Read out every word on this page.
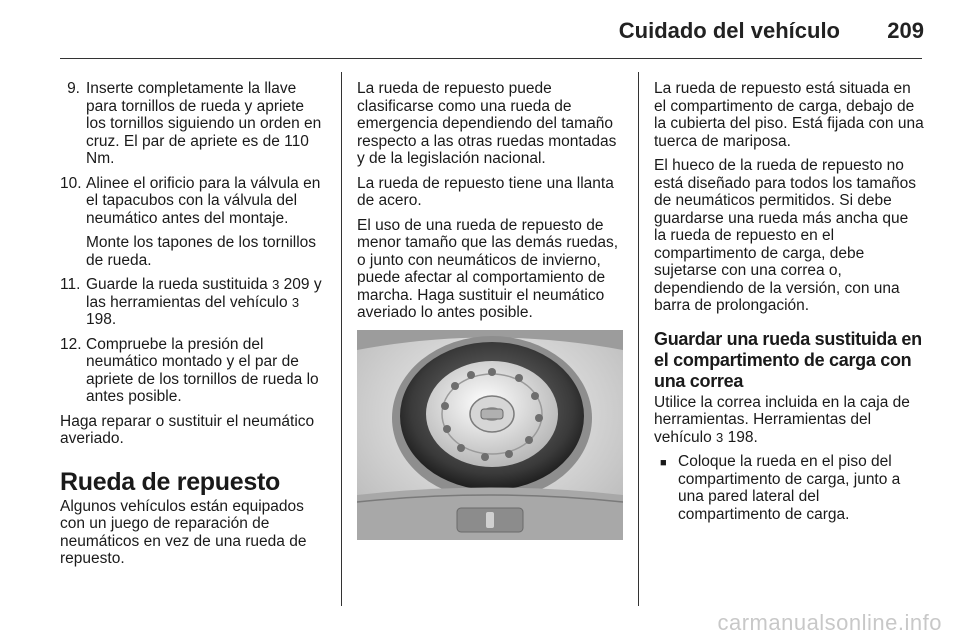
Cuidado del vehículo 209
9. Inserte completamente la llave para tornillos de rueda y apriete los tornillos siguiendo un orden en cruz. El par de apriete es de 110 Nm.

10. Alinee el orificio para la válvula en el tapacubos con la válvula del neumático antes del montaje.

Monte los tapones de los tornillos de rueda.

11. Guarde la rueda sustituida 3 209 y las herramientas del vehículo 3 198.

12. Compruebe la presión del neumático montado y el par de apriete de los tornillos de rueda lo antes posible.

Haga reparar o sustituir el neumático averiado.

Rueda de repuesto

Algunos vehículos están equipados con un juego de reparación de neumáticos en vez de una rueda de repuesto.

La rueda de repuesto puede clasificarse como una rueda de emergencia dependiendo del tamaño respecto a las otras ruedas montadas y de la legislación nacional.

La rueda de repuesto tiene una llanta de acero.

El uso de una rueda de repuesto de menor tamaño que las demás ruedas, o junto con neumáticos de invierno, puede afectar al comportamiento de marcha. Haga sustituir el neumático averiado lo antes posible.

La rueda de repuesto está situada en el compartimento de carga, debajo de la cubierta del piso. Está fijada con una tuerca de mariposa.

El hueco de la rueda de repuesto no está diseñado para todos los tamaños de neumáticos permitidos. Si debe guardarse una rueda más ancha que la rueda de repuesto en el compartimento de carga, debe sujetarse con una correa o, dependiendo de la versión, con una barra de prolongación.

Guardar una rueda sustituida en el compartimento de carga con una correa

Utilice la correa incluida en la caja de herramientas. Herramientas del vehículo 3 198.

■ Coloque la rueda en el piso del compartimento de carga, junto a una pared lateral del compartimento de carga.
carmanualsonline.info
